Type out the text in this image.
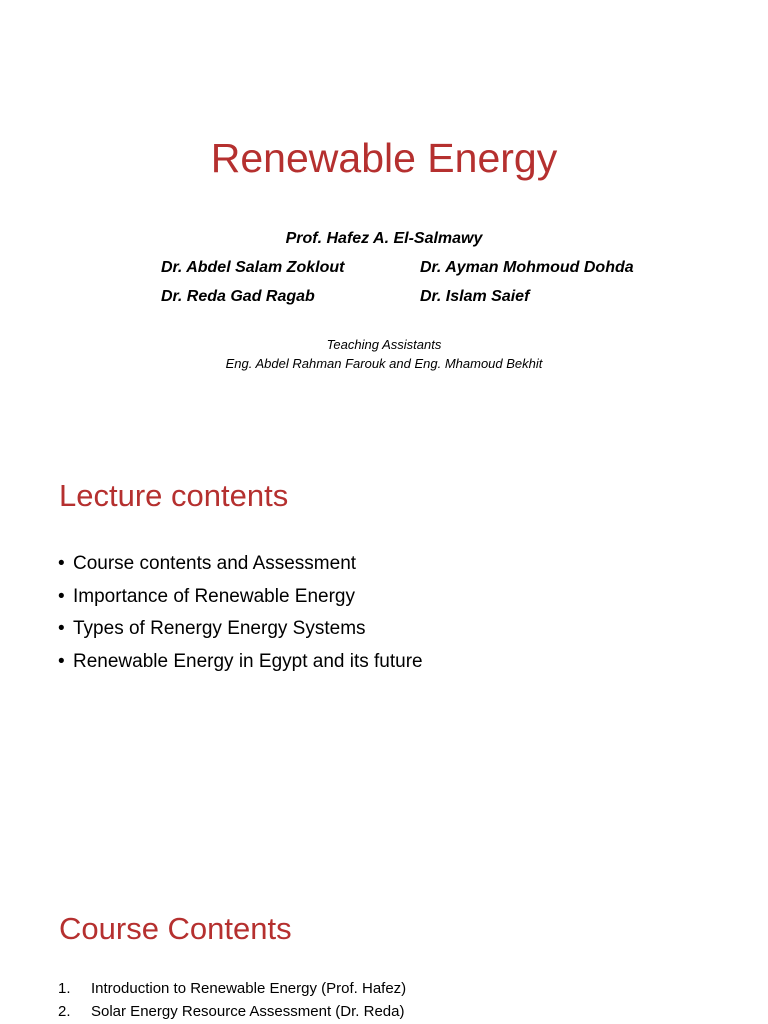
Renewable Energy
Prof. Hafez A. El-Salmawy
Dr. Abdel Salam Zoklout	Dr. Ayman Mohmoud Dohda
Dr. Reda Gad Ragab	Dr. Islam Saief
Teaching Assistants
Eng. Abdel Rahman Farouk and Eng. Mhamoud Bekhit
Lecture contents
• Course contents and Assessment
• Importance of Renewable Energy
• Types of Renergy Energy Systems
• Renewable Energy in Egypt and its future
Course Contents
1. Introduction to Renewable Energy (Prof. Hafez)
2. Solar Energy Resource Assessment (Dr. Reda)
